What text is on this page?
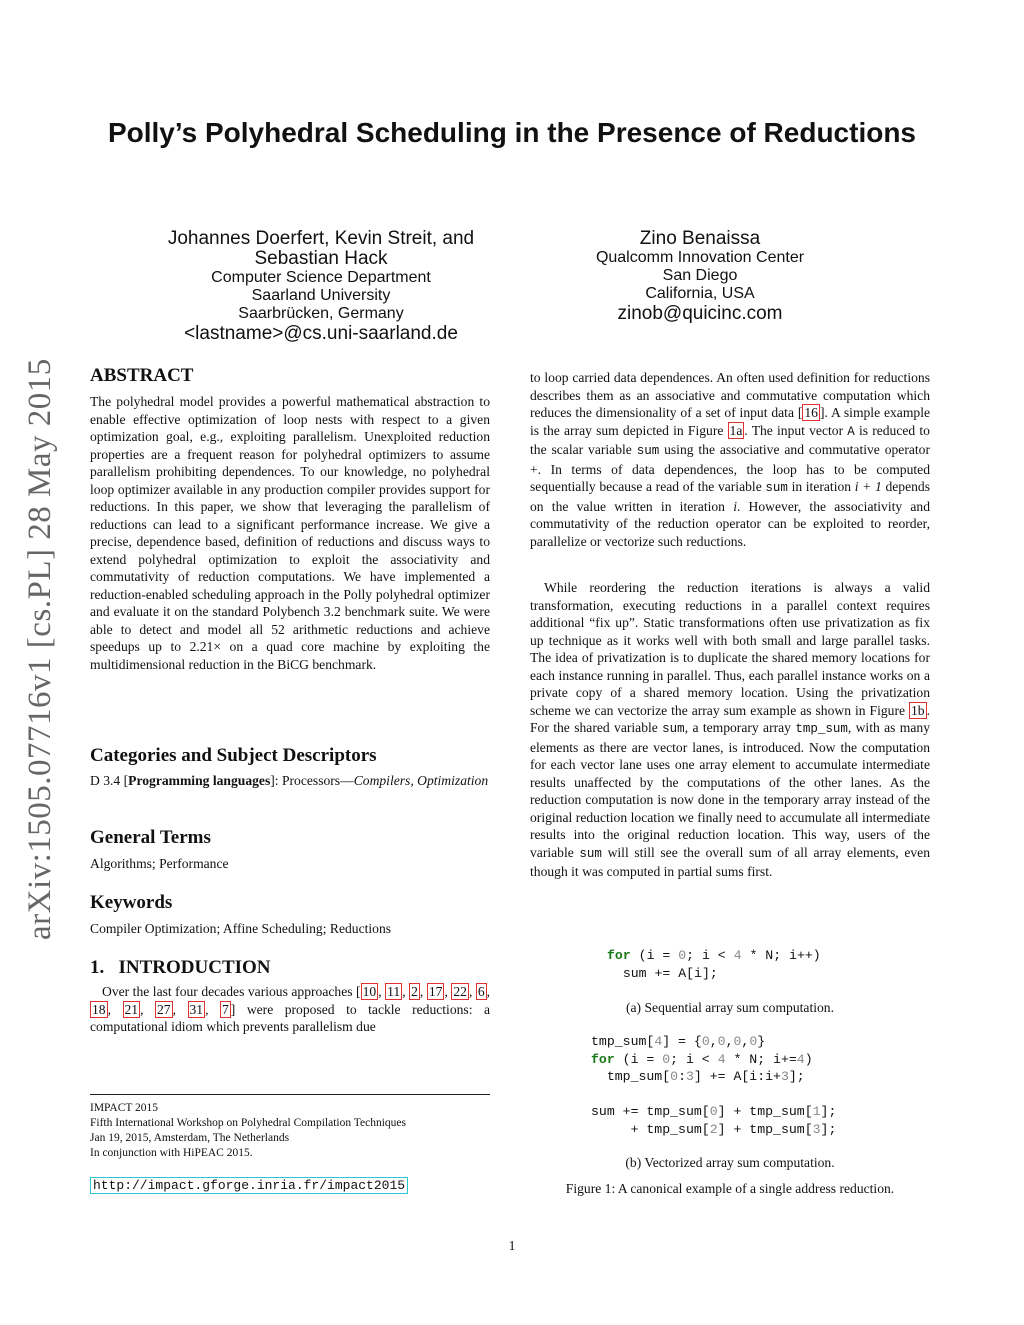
arXiv:1505.07716v1 [cs.PL] 28 May 2015
Polly’s Polyhedral Scheduling in the Presence of Reductions
Johannes Doerfert, Kevin Streit, and
Sebastian Hack
Computer Science Department
Saarland University
Saarbrücken, Germany
<lastname>@cs.uni-saarland.de
Zino Benaissa
Qualcomm Innovation Center
San Diego
California, USA
zinob@quicinc.com
ABSTRACT
The polyhedral model provides a powerful mathematical abstraction to enable effective optimization of loop nests with respect to a given optimization goal, e.g., exploiting parallelism. Unexploited reduction properties are a frequent reason for polyhedral optimizers to assume parallelism prohibiting dependences. To our knowledge, no polyhedral loop optimizer available in any production compiler provides support for reductions. In this paper, we show that leveraging the parallelism of reductions can lead to a significant performance increase. We give a precise, dependence based, definition of reductions and discuss ways to extend polyhedral optimization to exploit the associativity and commutativity of reduction computations. We have implemented a reduction-enabled scheduling approach in the Polly polyhedral optimizer and evaluate it on the standard Polybench 3.2 benchmark suite. We were able to detect and model all 52 arithmetic reductions and achieve speedups up to 2.21× on a quad core machine by exploiting the multidimensional reduction in the BiCG benchmark.
Categories and Subject Descriptors
D 3.4 [Programming languages]: Processors—Compilers, Optimization
General Terms
Algorithms; Performance
Keywords
Compiler Optimization; Affine Scheduling; Reductions
1.   INTRODUCTION
Over the last four decades various approaches [ 10 , 11 , 2 , 17 , 22 , 6 , 18 , 21 , 27 , 31 , 7 ] were proposed to tackle reductions: a computational idiom which prevents parallelism due
IMPACT 2015
Fifth International Workshop on Polyhedral Compilation Techniques
Jan 19, 2015, Amsterdam, The Netherlands
In conjunction with HiPEAC 2015.
http://impact.gforge.inria.fr/impact2015
to loop carried data dependences. An often used definition for reductions describes them as an associative and commutative computation which reduces the dimensionality of a set of input data [ 16 ]. A simple example is the array sum depicted in Figure 1a . The input vector A is reduced to the scalar variable sum using the associative and commutative operator +. In terms of data dependences, the loop has to be computed sequentially because a read of the variable sum in iteration i + 1 depends on the value written in iteration i. However, the associativity and commutativity of the reduction operator can be exploited to reorder, parallelize or vectorize such reductions.
While reordering the reduction iterations is always a valid transformation, executing reductions in a parallel context requires additional “fix up”. Static transformations often use privatization as fix up technique as it works well with both small and large parallel tasks. The idea of privatization is to duplicate the shared memory locations for each instance running in parallel. Thus, each parallel instance works on a private copy of a shared memory location. Using the privatization scheme we can vectorize the array sum example as shown in Figure 1b . For the shared variable sum, a temporary array tmp_sum, with as many elements as there are vector lanes, is introduced. Now the computation for each vector lane uses one array element to accumulate intermediate results unaffected by the computations of the other lanes. As the reduction computation is now done in the temporary array instead of the original reduction location we finally need to accumulate all intermediate results into the original reduction location. This way, users of the variable sum will still see the overall sum of all array elements, even though it was computed in partial sums first.
for (i = 0; i < 4 * N; i++)
sum += A[i];
(a) Sequential array sum computation.
tmp_sum[4] = {0,0,0,0}
for (i = 0; i < 4 * N; i+=4)
tmp_sum[0:3] += A[i:i+3];

sum += tmp_sum[0] + tmp_sum[1];
+ tmp_sum[2] + tmp_sum[3];
(b) Vectorized array sum computation.
Figure 1: A canonical example of a single address reduction.
1
